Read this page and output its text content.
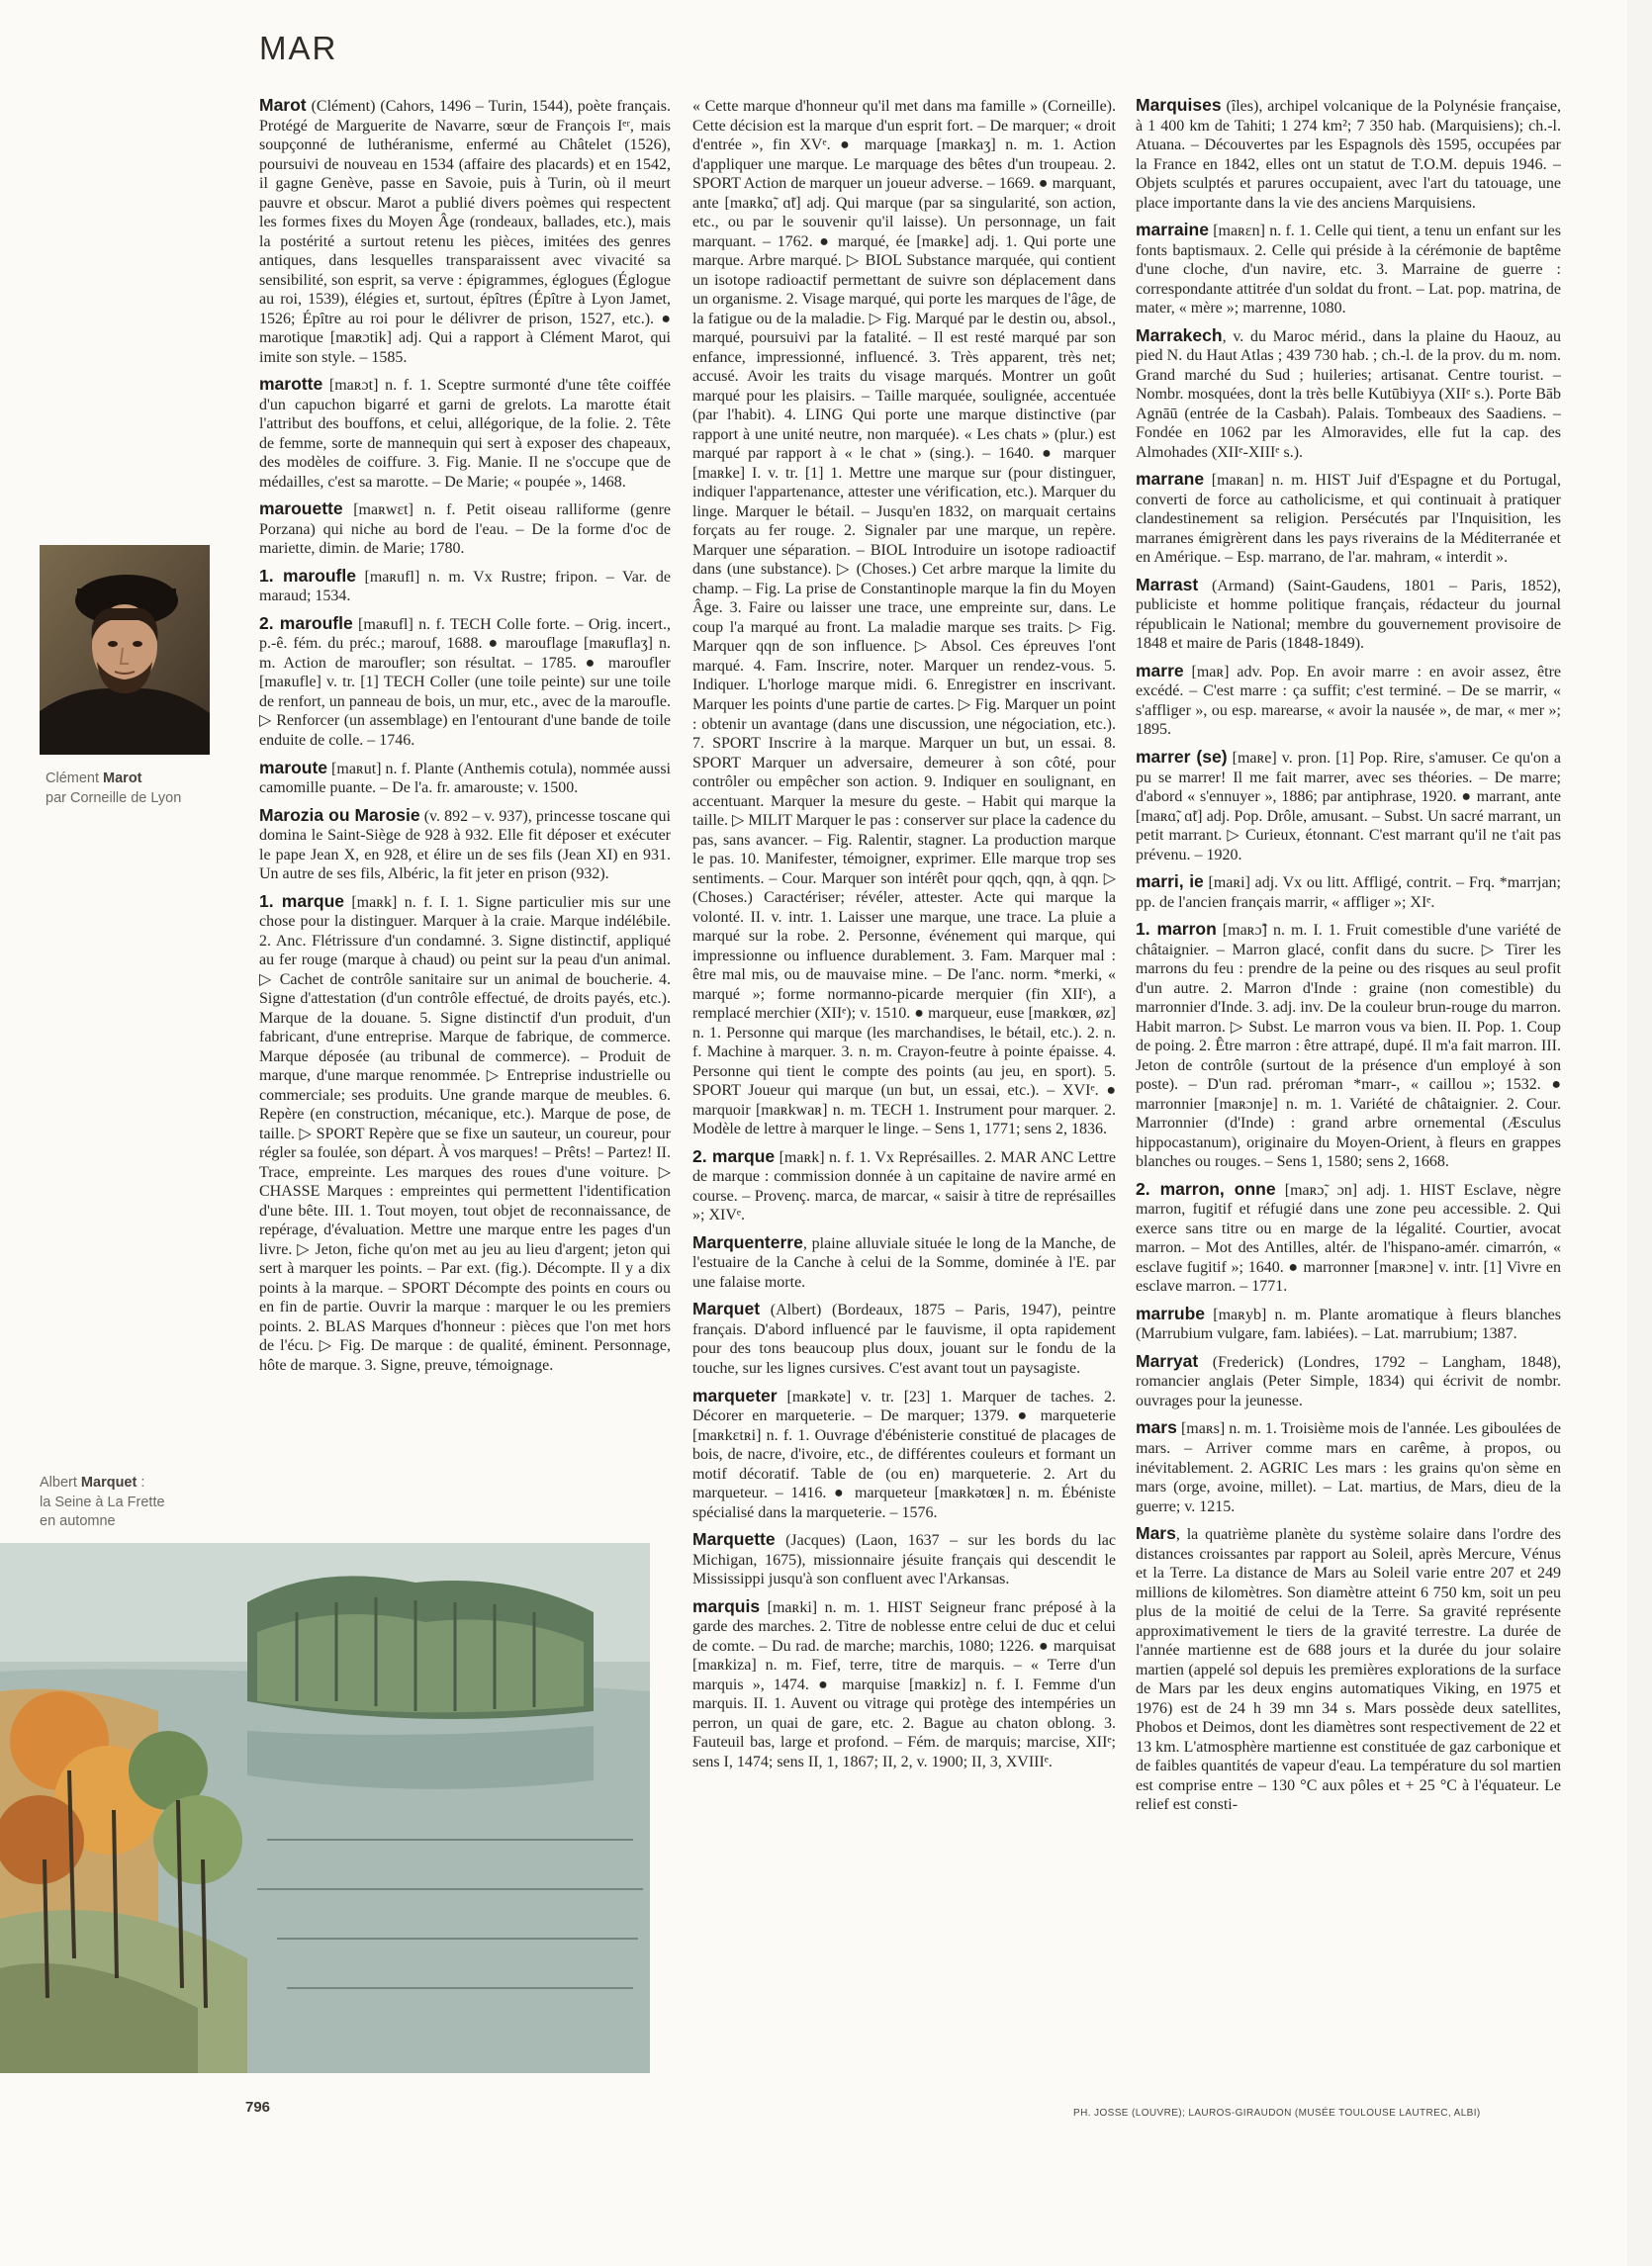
MAR
Clément Marot
par Corneille de Lyon
Albert Marquet :
la Seine à La Frette
en automne

Marot (Clément) (Cahors, 1496 – Turin, 1544), poète français. Protégé de Marguerite de Navarre, sœur de François Iᵉʳ, mais soupçonné de luthéranisme, enfermé au Châtelet (1526), poursuivi de nouveau en 1534 (affaire des placards) et en 1542, il gagne Genève, passe en Savoie, puis à Turin, où il meurt pauvre et obscur. Marot a publié divers poèmes qui respectent les formes fixes du Moyen Âge (rondeaux, ballades, etc.), mais la postérité a surtout retenu les pièces, imitées des genres antiques, dans lesquelles transparaissent avec vivacité sa sensibilité, son esprit, sa verve : épigrammes, églogues (Églogue au roi, 1539), élégies et, surtout, épîtres (Épître à Lyon Jamet, 1526; Épître au roi pour le délivrer de prison, 1527, etc.). ● marotique [maʀɔtik] adj. Qui a rapport à Clément Marot, qui imite son style. – 1585.

marotte [maʀɔt] n. f. 1. Sceptre surmonté d'une tête coiffée d'un capuchon bigarré et garni de grelots. La marotte était l'attribut des bouffons, et celui, allégorique, de la folie. 2. Tête de femme, sorte de mannequin qui sert à exposer des chapeaux, des modèles de coiffure. 3. Fig. Manie. Il ne s'occupe que de médailles, c'est sa marotte. – De Marie; « poupée », 1468.

marouette [maʀwɛt] n. f. Petit oiseau ralliforme (genre Porzana) qui niche au bord de l'eau. – De la forme d'oc de mariette, dimin. de Marie; 1780.

1. maroufle [maʀufl] n. m. Vx Rustre; fripon. – Var. de maraud; 1534.

2. maroufle [maʀufl] n. f. TECH Colle forte. – Orig. incert., p.-ê. fém. du préc.; marouf, 1688. ● marouflage [maʀuflaʒ] n. m. Action de maroufler; son résultat. – 1785. ● maroufler [maʀufle] v. tr. [1] TECH Coller (une toile peinte) sur une toile de renfort, un panneau de bois, un mur, etc., avec de la maroufle. ▷ Renforcer (un assemblage) en l'entourant d'une bande de toile enduite de colle. – 1746.

maroute [maʀut] n. f. Plante (Anthemis cotula), nommée aussi camomille puante. – De l'a. fr. amarouste; v. 1500.

Marozia ou Marosie (v. 892 – v. 937), princesse toscane qui domina le Saint-Siège de 928 à 932. Elle fit déposer et exécuter le pape Jean X, en 928, et élire un de ses fils (Jean XI) en 931. Un autre de ses fils, Albéric, la fit jeter en prison (932).

1. marque [maʀk] n. f. I. 1. Signe particulier mis sur une chose pour la distinguer. Marquer à la craie. Marque indélébile. 2. Anc. Flétrissure d'un condamné. 3. Signe distinctif, appliqué au fer rouge (marque à chaud) ou peint sur la peau d'un animal. ▷ Cachet de contrôle sanitaire sur un animal de boucherie. 4. Signe d'attestation (d'un contrôle effectué, de droits payés, etc.). Marque de la douane. 5. Signe distinctif d'un produit, d'un fabricant, d'une entreprise. Marque de fabrique, de commerce. Marque déposée (au tribunal de commerce). – Produit de marque, d'une marque renommée. ▷ Entreprise industrielle ou commerciale; ses produits. Une grande marque de meubles. 6. Repère (en construction, mécanique, etc.). Marque de pose, de taille. ▷ SPORT Repère que se fixe un sauteur, un coureur, pour régler sa foulée, son départ. À vos marques! – Prêts! – Partez! II. Trace, empreinte. Les marques des roues d'une voiture. ▷ CHASSE Marques : empreintes qui permettent l'identification d'une bête. III. 1. Tout moyen, tout objet de reconnaissance, de repérage, d'évaluation. Mettre une marque entre les pages d'un livre. ▷ Jeton, fiche qu'on met au jeu au lieu d'argent; jeton qui sert à marquer les points. – Par ext. (fig.). Décompte. Il y a dix points à la marque. – SPORT Décompte des points en cours ou en fin de partie. Ouvrir la marque : marquer le ou les premiers points. 2. BLAS Marques d'honneur : pièces que l'on met hors de l'écu. ▷ Fig. De marque : de qualité, éminent. Personnage, hôte de marque. 3. Signe, preuve, témoignage.

« Cette marque d'honneur qu'il met dans ma famille » (Corneille). Cette décision est la marque d'un esprit fort. – De marquer; « droit d'entrée », fin XVᵉ. ● marquage [maʀkaʒ] n. m. 1. Action d'appliquer une marque. Le marquage des bêtes d'un troupeau. 2. SPORT Action de marquer un joueur adverse. – 1669. ● marquant, ante [maʀkɑ̃, ɑ̃t] adj. Qui marque (par sa singularité, son action, etc., ou par le souvenir qu'il laisse). Un personnage, un fait marquant. – 1762. ● marqué, ée [maʀke] adj. 1. Qui porte une marque. Arbre marqué. ▷ BIOL Substance marquée, qui contient un isotope radioactif permettant de suivre son déplacement dans un organisme. 2. Visage marqué, qui porte les marques de l'âge, de la fatigue ou de la maladie. ▷ Fig. Marqué par le destin ou, absol., marqué, poursuivi par la fatalité. – Il est resté marqué par son enfance, impressionné, influencé. 3. Très apparent, très net; accusé. Avoir les traits du visage marqués. Montrer un goût marqué pour les plaisirs. – Taille marquée, soulignée, accentuée (par l'habit). 4. LING Qui porte une marque distinctive (par rapport à une unité neutre, non marquée). « Les chats » (plur.) est marqué par rapport à « le chat » (sing.). – 1640. ● marquer [maʀke] I. v. tr. [1] 1. Mettre une marque sur (pour distinguer, indiquer l'appartenance, attester une vérification, etc.). Marquer du linge. Marquer le bétail. – Jusqu'en 1832, on marquait certains forçats au fer rouge. 2. Signaler par une marque, un repère. Marquer une séparation. – BIOL Introduire un isotope radioactif dans (une substance). ▷ (Choses.) Cet arbre marque la limite du champ. – Fig. La prise de Constantinople marque la fin du Moyen Âge. 3. Faire ou laisser une trace, une empreinte sur, dans. Le coup l'a marqué au front. La maladie marque ses traits. ▷ Fig. Marquer qqn de son influence. ▷ Absol. Ces épreuves l'ont marqué. 4. Fam. Inscrire, noter. Marquer un rendez-vous. 5. Indiquer. L'horloge marque midi. 6. Enregistrer en inscrivant. Marquer les points d'une partie de cartes. ▷ Fig. Marquer un point : obtenir un avantage (dans une discussion, une négociation, etc.). 7. SPORT Inscrire à la marque. Marquer un but, un essai. 8. SPORT Marquer un adversaire, demeurer à son côté, pour contrôler ou empêcher son action. 9. Indiquer en soulignant, en accentuant. Marquer la mesure du geste. – Habit qui marque la taille. ▷ MILIT Marquer le pas : conserver sur place la cadence du pas, sans avancer. – Fig. Ralentir, stagner. La production marque le pas. 10. Manifester, témoigner, exprimer. Elle marque trop ses sentiments. – Cour. Marquer son intérêt pour qqch, qqn, à qqn. ▷ (Choses.) Caractériser; révéler, attester. Acte qui marque la volonté. II. v. intr. 1. Laisser une marque, une trace. La pluie a marqué sur la robe. 2. Personne, événement qui marque, qui impressionne ou influence durablement. 3. Fam. Marquer mal : être mal mis, ou de mauvaise mine. – De l'anc. norm. *merki, « marqué »; forme normanno-picarde merquier (fin XIIᵉ), a remplacé merchier (XIIᵉ); v. 1510. ● marqueur, euse [maʀkœʀ, øz] n. 1. Personne qui marque (les marchandises, le bétail, etc.). 2. n. f. Machine à marquer. 3. n. m. Crayon-feutre à pointe épaisse. 4. Personne qui tient le compte des points (au jeu, en sport). 5. SPORT Joueur qui marque (un but, un essai, etc.). – XVIᵉ. ● marquoir [maʀkwaʀ] n. m. TECH 1. Instrument pour marquer. 2. Modèle de lettre à marquer le linge. – Sens 1, 1771; sens 2, 1836.

2. marque [maʀk] n. f. 1. Vx Représailles. 2. MAR ANC Lettre de marque : commission donnée à un capitaine de navire armé en course. – Provenç. marca, de marcar, « saisir à titre de représailles »; XIVᵉ.

Marquenterre, plaine alluviale située le long de la Manche, de l'estuaire de la Canche à celui de la Somme, dominée à l'E. par une falaise morte.

Marquet (Albert) (Bordeaux, 1875 – Paris, 1947), peintre français. D'abord influencé par le fauvisme, il opta rapidement pour des tons beaucoup plus doux, jouant sur le fondu de la touche, sur les lignes cursives. C'est avant tout un paysagiste.

marqueter [maʀkəte] v. tr. [23] 1. Marquer de taches. 2. Décorer en marqueterie. – De marquer; 1379. ● marqueterie [maʀkɛtʀi] n. f. 1. Ouvrage d'ébénisterie constitué de placages de bois, de nacre, d'ivoire, etc., de différentes couleurs et formant un motif décoratif. Table de (ou en) marqueterie. 2. Art du marqueteur. – 1416. ● marqueteur [maʀkətœʀ] n. m. Ébéniste spécialisé dans la marqueterie. – 1576.

Marquette (Jacques) (Laon, 1637 – sur les bords du lac Michigan, 1675), missionnaire jésuite français qui descendit le Mississippi jusqu'à son confluent avec l'Arkansas.

marquis [maʀki] n. m. 1. HIST Seigneur franc préposé à la garde des marches. 2. Titre de noblesse entre celui de duc et celui de comte. – Du rad. de marche; marchis, 1080; 1226. ● marquisat [maʀkiza] n. m. Fief, terre, titre de marquis. – « Terre d'un marquis », 1474. ● marquise [maʀkiz] n. f. I. Femme d'un marquis. II. 1. Auvent ou vitrage qui protège des intempéries un perron, un quai de gare, etc. 2. Bague au chaton oblong. 3. Fauteuil bas, large et profond. – Fém. de marquis; marcise, XIIᵉ; sens I, 1474; sens II, 1, 1867; II, 2, v. 1900; II, 3, XVIIIᵉ.

Marquises (îles), archipel volcanique de la Polynésie française, à 1 400 km de Tahiti; 1 274 km²; 7 350 hab. (Marquisiens); ch.-l. Atuana. – Découvertes par les Espagnols dès 1595, occupées par la France en 1842, elles ont un statut de T.O.M. depuis 1946. – Objets sculptés et parures occupaient, avec l'art du tatouage, une place importante dans la vie des anciens Marquisiens.

marraine [maʀɛn] n. f. 1. Celle qui tient, a tenu un enfant sur les fonts baptismaux. 2. Celle qui préside à la cérémonie de baptême d'une cloche, d'un navire, etc. 3. Marraine de guerre : correspondante attitrée d'un soldat du front. – Lat. pop. matrina, de mater, « mère »; marrenne, 1080.

Marrakech, v. du Maroc mérid., dans la plaine du Haouz, au pied N. du Haut Atlas ; 439 730 hab. ; ch.-l. de la prov. du m. nom. Grand marché du Sud ; huileries; artisanat. Centre tourist. – Nombr. mosquées, dont la très belle Kutūbiyya (XIIᵉ s.). Porte Bāb Agnāū (entrée de la Casbah). Palais. Tombeaux des Saadiens. – Fondée en 1062 par les Almoravides, elle fut la cap. des Almohades (XIIᵉ-XIIIᵉ s.).

marrane [maʀan] n. m. HIST Juif d'Espagne et du Portugal, converti de force au catholicisme, et qui continuait à pratiquer clandestinement sa religion. Persécutés par l'Inquisition, les marranes émigrèrent dans les pays riverains de la Méditerranée et en Amérique. – Esp. marrano, de l'ar. mahram, « interdit ».

Marrast (Armand) (Saint-Gaudens, 1801 – Paris, 1852), publiciste et homme politique français, rédacteur du journal républicain le National; membre du gouvernement provisoire de 1848 et maire de Paris (1848-1849).

marre [maʀ] adv. Pop. En avoir marre : en avoir assez, être excédé. – C'est marre : ça suffit; c'est terminé. – De se marrir, « s'affliger », ou esp. marearse, « avoir la nausée », de mar, « mer »; 1895.

marrer (se) [maʀe] v. pron. [1] Pop. Rire, s'amuser. Ce qu'on a pu se marrer! Il me fait marrer, avec ses théories. – De marre; d'abord « s'ennuyer », 1886; par antiphrase, 1920. ● marrant, ante [maʀɑ̃, ɑ̃t] adj. Pop. Drôle, amusant. – Subst. Un sacré marrant, un petit marrant. ▷ Curieux, étonnant. C'est marrant qu'il ne t'ait pas prévenu. – 1920.

marri, ie [maʀi] adj. Vx ou litt. Affligé, contrit. – Frq. *marrjan; pp. de l'ancien français marrir, « affliger »; XIᵉ.

1. marron [maʀɔ̃] n. m. I. 1. Fruit comestible d'une variété de châtaignier. – Marron glacé, confit dans du sucre. ▷ Tirer les marrons du feu : prendre de la peine ou des risques au seul profit d'un autre. 2. Marron d'Inde : graine (non comestible) du marronnier d'Inde. 3. adj. inv. De la couleur brun-rouge du marron. Habit marron. ▷ Subst. Le marron vous va bien. II. Pop. 1. Coup de poing. 2. Être marron : être attrapé, dupé. Il m'a fait marron. III. Jeton de contrôle (surtout de la présence d'un employé à son poste). – D'un rad. préroman *marr-, « caillou »; 1532. ● marronnier [maʀɔnje] n. m. 1. Variété de châtaignier. 2. Cour. Marronnier (d'Inde) : grand arbre ornemental (Æsculus hippocastanum), originaire du Moyen-Orient, à fleurs en grappes blanches ou rouges. – Sens 1, 1580; sens 2, 1668.

2. marron, onne [maʀɔ̃, ɔn] adj. 1. HIST Esclave, nègre marron, fugitif et réfugié dans une zone peu accessible. 2. Qui exerce sans titre ou en marge de la légalité. Courtier, avocat marron. – Mot des Antilles, altér. de l'hispano-amér. cimarrón, « esclave fugitif »; 1640. ● marronner [maʀɔne] v. intr. [1] Vivre en esclave marron. – 1771.

marrube [maʀyb] n. m. Plante aromatique à fleurs blanches (Marrubium vulgare, fam. labiées). – Lat. marrubium; 1387.

Marryat (Frederick) (Londres, 1792 – Langham, 1848), romancier anglais (Peter Simple, 1834) qui écrivit de nombr. ouvrages pour la jeunesse.

mars [maʀs] n. m. 1. Troisième mois de l'année. Les giboulées de mars. – Arriver comme mars en carême, à propos, ou inévitablement. 2. AGRIC Les mars : les grains qu'on sème en mars (orge, avoine, millet). – Lat. martius, de Mars, dieu de la guerre; v. 1215.

Mars, la quatrième planète du système solaire dans l'ordre des distances croissantes par rapport au Soleil, après Mercure, Vénus et la Terre. La distance de Mars au Soleil varie entre 207 et 249 millions de kilomètres. Son diamètre atteint 6 750 km, soit un peu plus de la moitié de celui de la Terre. Sa gravité représente approximativement le tiers de la gravité terrestre. La durée de l'année martienne est de 688 jours et la durée du jour solaire martien (appelé sol depuis les premières explorations de la surface de Mars par les deux engins automatiques Viking, en 1975 et 1976) est de 24 h 39 mn 34 s. Mars possède deux satellites, Phobos et Deimos, dont les diamètres sont respectivement de 22 et 13 km. L'atmosphère martienne est constituée de gaz carbonique et de faibles quantités de vapeur d'eau. La température du sol martien est comprise entre – 130 °C aux pôles et + 25 °C à l'équateur. Le relief est consti-

796	PH. JOSSE (LOUVRE); LAUROS-GIRAUDON (MUSÉE TOULOUSE LAUTREC, ALBI)
